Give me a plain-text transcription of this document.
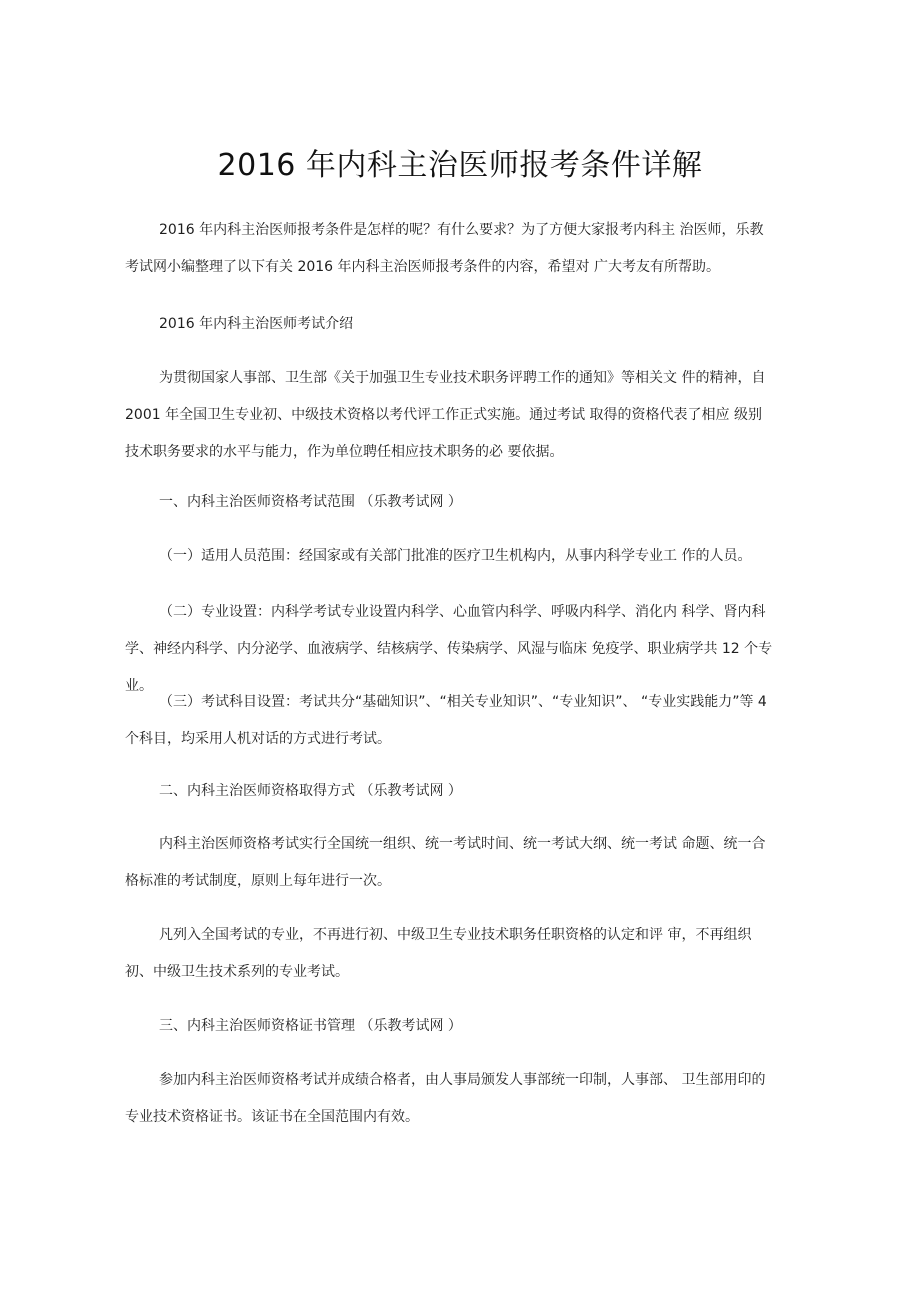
2016 年内科主治医师报考条件详解

2016 年内科主治医师报考条件是怎样的呢？有什么要求？为了方便大家报考内科主 治医师，乐教考试网小编整理了以下有关 2016 年内科主治医师报考条件的内容，希望对 广大考友有所帮助。

2016 年内科主治医师考试介绍

为贯彻国家人事部、卫生部《关于加强卫生专业技术职务评聘工作的通知》等相关文 件的精神，自 2001 年全国卫生专业初、中级技术资格以考代评工作正式实施。通过考试 取得的资格代表了相应 级别技术职务要求的水平与能力，作为单位聘任相应技术职务的必 要依据。

一、内科主治医师资格考试范围 （乐教考试网 ）

（一）适用人员范围：经国家或有关部门批准的医疗卫生机构内，从事内科学专业工 作的人员。

（二）专业设置：内科学考试专业设置内科学、心血管内科学、呼吸内科学、消化内 科学、肾内科学、神经内科学、内分泌学、血液病学、结核病学、传染病学、风湿与临床 免疫学、职业病学共 12 个专业。

（三）考试科目设置：考试共分“基础知识”、“相关专业知识”、“专业知识”、 “专业实践能力”等 4 个科目，均采用人机对话的方式进行考试。

二、内科主治医师资格取得方式 （乐教考试网 ）

内科主治医师资格考试实行全国统一组织、统一考试时间、统一考试大纲、统一考试 命题、统一合格标准的考试制度，原则上每年进行一次。

凡列入全国考试的专业，不再进行初、中级卫生专业技术职务任职资格的认定和评 审，不再组织初、中级卫生技术系列的专业考试。

三、内科主治医师资格证书管理 （乐教考试网 ）

参加内科主治医师资格考试并成绩合格者，由人事局颁发人事部统一印制，人事部、 卫生部用印的专业技术资格证书。该证书在全国范围内有效。
